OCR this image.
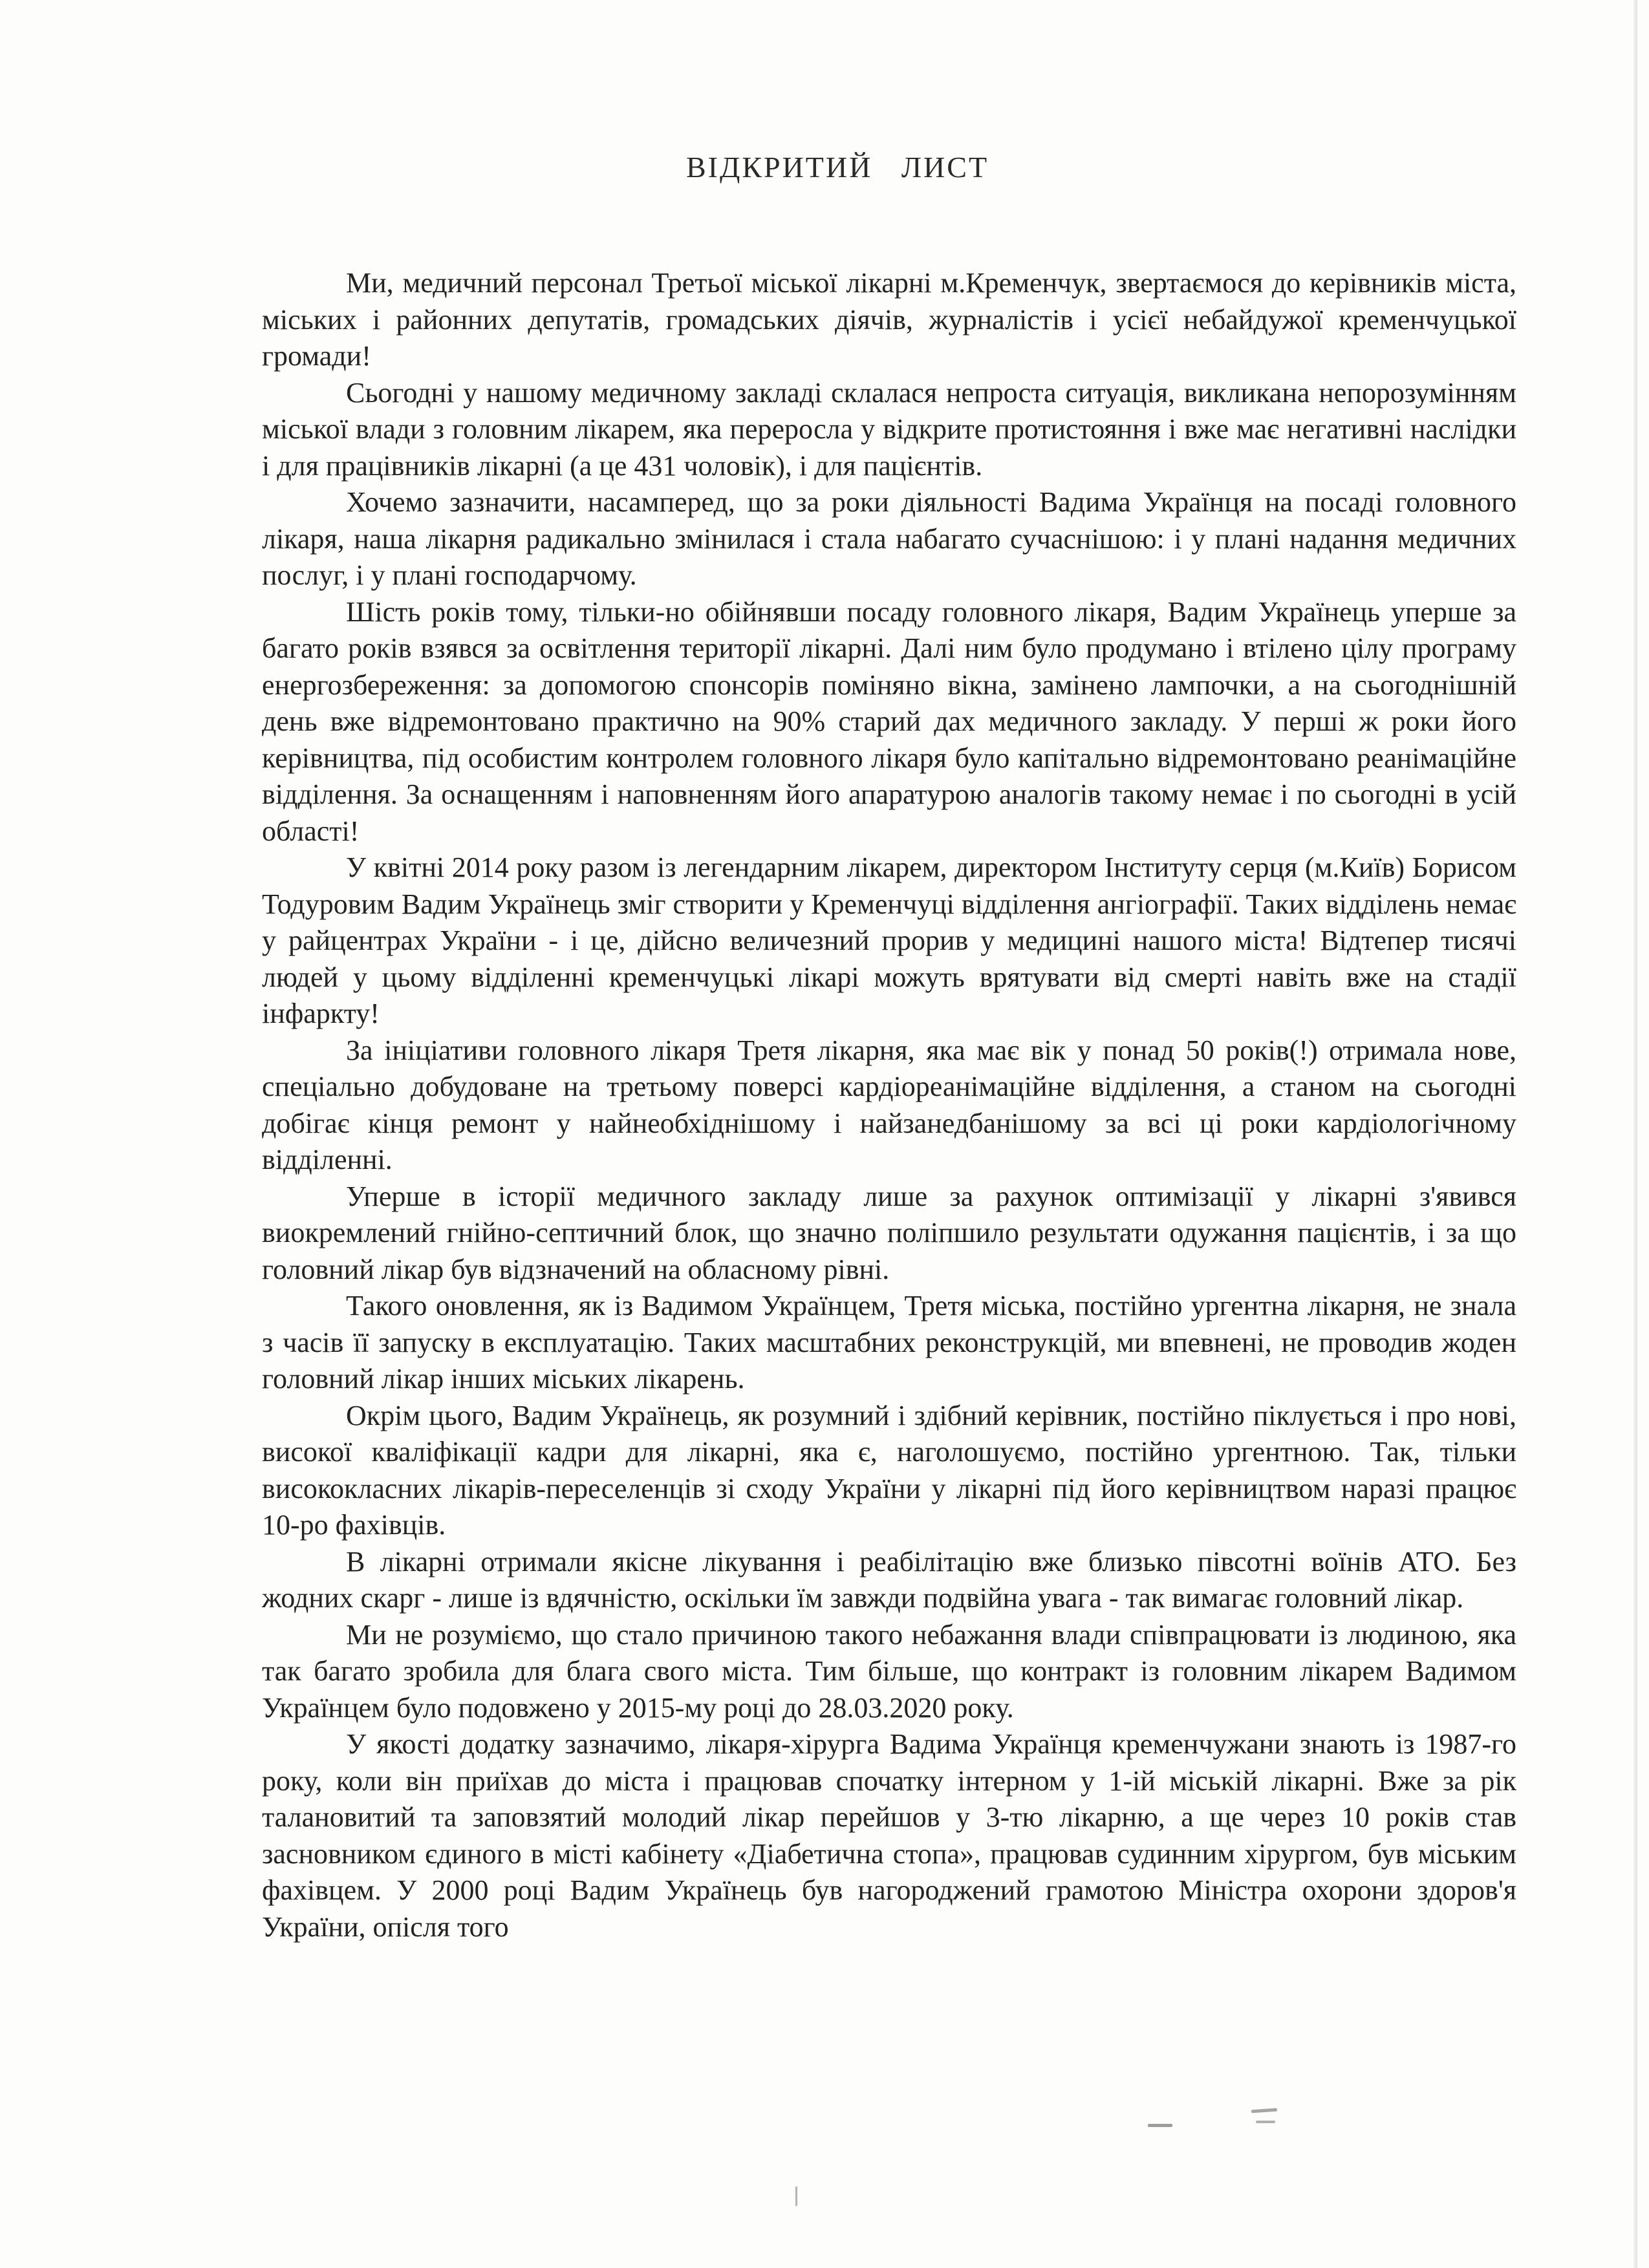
ВІДКРИТИЙ ЛИСТ

Ми, медичний персонал Третьої міської лікарні м.Кременчук, звертаємося до керівників міста, міських і районних депутатів, громадських діячів, журналістів і усієї небайдужої кременчуцької громади!

Сьогодні у нашому медичному закладі склалася непроста ситуація, викликана непорозумінням міської влади з головним лікарем, яка переросла у відкрите протистояння і вже має негативні наслідки і для працівників лікарні (а це 431 чоловік), і для пацієнтів.

Хочемо зазначити, насамперед, що за роки діяльності Вадима Українця на посаді головного лікаря, наша лікарня радикально змінилася і стала набагато сучаснішою: і у плані надання медичних послуг, і у плані господарчому.

Шість років тому, тільки-но обійнявши посаду головного лікаря, Вадим Українець уперше за багато років взявся за освітлення території лікарні. Далі ним було продумано і втілено цілу програму енергозбереження: за допомогою спонсорів поміняно вікна, замінено лампочки, а на сьогоднішній день вже відремонтовано практично на 90% старий дах медичного закладу. У перші ж роки його керівництва, під особистим контролем головного лікаря було капітально відремонтовано реанімаційне відділення. За оснащенням і наповненням його апаратурою аналогів такому немає і по сьогодні в усій області!

У квітні 2014 року разом із легендарним лікарем, директором Інституту серця (м.Київ) Борисом Тодуровим Вадим Українець зміг створити у Кременчуці відділення ангіографії. Таких відділень немає у райцентрах України - і це, дійсно величезний прорив у медицині нашого міста! Відтепер тисячі людей у цьому відділенні кременчуцькі лікарі можуть врятувати від смерті навіть вже на стадії інфаркту!

За ініціативи головного лікаря Третя лікарня, яка має вік у понад 50 років(!) отримала нове, спеціально добудоване на третьому поверсі кардіореанімаційне відділення, а станом на сьогодні добігає кінця ремонт у найнеобхіднішому і найзанедбанішому за всі ці роки кардіологічному відділенні.

Уперше в історії медичного закладу лише за рахунок оптимізації у лікарні з'явився виокремлений гнійно-септичний блок, що значно поліпшило результати одужання пацієнтів, і за що головний лікар був відзначений на обласному рівні.

Такого оновлення, як із Вадимом Українцем, Третя міська, постійно ургентна лікарня, не знала з часів її запуску в експлуатацію. Таких масштабних реконструкцій, ми впевнені, не проводив жоден головний лікар інших міських лікарень.

Окрім цього, Вадим Українець, як розумний і здібний керівник, постійно піклується і про нові, високої кваліфікації кадри для лікарні, яка є, наголошуємо, постійно ургентною. Так, тільки висококласних лікарів-переселенців зі сходу України у лікарні під його керівництвом наразі працює 10-ро фахівців.

В лікарні отримали якісне лікування і реабілітацію вже близько півсотні воїнів АТО. Без жодних скарг - лише із вдячністю, оскільки їм завжди подвійна увага - так вимагає головний лікар.

Ми не розуміємо, що стало причиною такого небажання влади співпрацювати із людиною, яка так багато зробила для блага свого міста. Тим більше, що контракт із головним лікарем Вадимом Українцем було подовжено у 2015-му році до 28.03.2020 року.

У якості додатку зазначимо, лікаря-хірурга Вадима Українця кременчужани знають із 1987-го року, коли він приїхав до міста і працював спочатку інтерном у 1-ій міській лікарні. Вже за рік талановитий та заповзятий молодий лікар перейшов у 3-тю лікарню, а ще через 10 років став засновником єдиного в місті кабінету «Діабетична стопа», працював судинним хірургом, був міським фахівцем. У 2000 році Вадим Українець був нагороджений грамотою Міністра охорони здоров'я України, опісля того
